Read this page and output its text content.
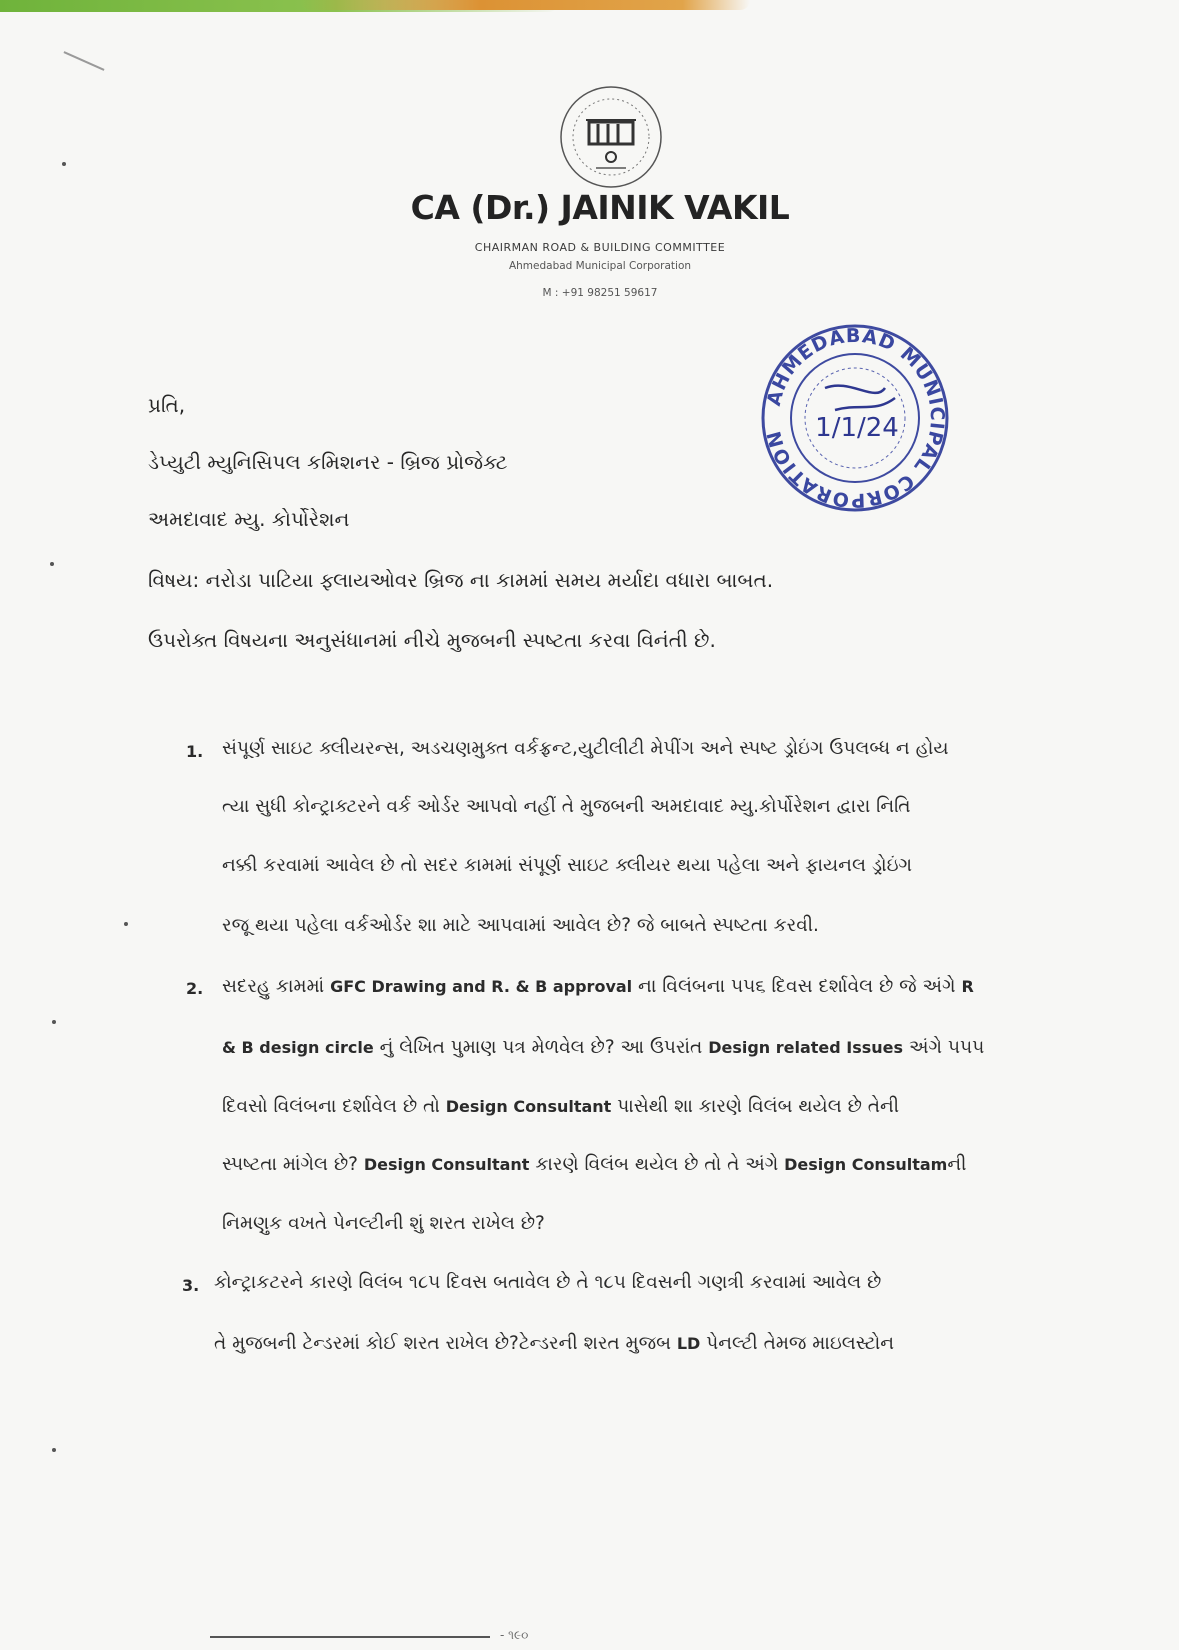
CA (Dr.) JAINIK VAKIL
CHAIRMAN ROAD & BUILDING COMMITTEE
Ahmedabad Municipal Corporation
M : +91 98251 59617
AHMEDABAD MUNICIPAL CORPORATION	1/1/24
પ્રતિ,
ડેપ્યુટી મ્યુનિસિપલ કમિશનર - બ્રિજ પ્રોજેક્ટ
અમદાવાદ મ્યુ. કોર્પોરેશન
વિષય: નરોડા પાટિયા ફ્લાયઓવર બ્રિજ ના કામમાં સમય મર્યાદા વધારા બાબત.
ઉપરોક્ત વિષયના અનુસંધાનમાં નીચે મુજબની સ્પષ્ટતા કરવા વિનંતી છે.
1. સંપૂર્ણ સાઇટ ક્લીયરન્સ, અડચણમુક્ત વર્કફ્રન્ટ,યુટીલીટી મેપીંગ અને સ્પષ્ટ ડ્રોઇંગ ઉપલબ્ધ ન હોય
ત્યા સુધી કોન્ટ્રાક્ટરને વર્ક ઓર્ડર આપવો નહીં તે મુજબની અમદાવાદ મ્યુ.કોર્પોરેશન દ્વારા નિતિ
નક્કી કરવામાં આવેલ છે તો સદર કામમાં સંપૂર્ણ સાઇટ ક્લીયર થયા પહેલા અને ફાયનલ ડ્રોઇંગ
રજૂ થયા પહેલા વર્કઓર્ડર શા માટે આપવામાં આવેલ છે? જે બાબતે સ્પષ્ટતા કરવી.
2. સદરહુ કામમાં GFC Drawing and R. & B approval ના વિલંબના ૫૫૬ દિવસ દર્શાવેલ છે જે અંગે R
& B design circle નું લેખિત પુમાણ પત્ર મેળવેલ છે? આ ઉપરાંત Design related Issues અંગે ૫૫૫
દિવસો વિલંબના દર્શાવેલ છે તો Design Consultant પાસેથી શા કારણે વિલંબ થયેલ છે તેની
સ્પષ્ટતા માંગેલ છે? Design Consultant કારણે વિલંબ થયેલ છે તો તે અંગે Design Consultamની
નિમણુક વખતે પેનલ્ટીની શું શરત રાખેલ છે?
3. કોન્ટ્રાકટરને કારણે વિલંબ ૧૮૫ દિવસ બતાવેલ છે તે ૧૮૫ દિવસની ગણત્રી કરવામાં આવેલ છે
તે મુજબની ટેન્ડરમાં કોઈ શરત રાખેલ છે?ટેન્ડરની શરત મુજબ LD પેનલ્ટી તેમજ માઇલસ્ટોન
- ૧૯૦
